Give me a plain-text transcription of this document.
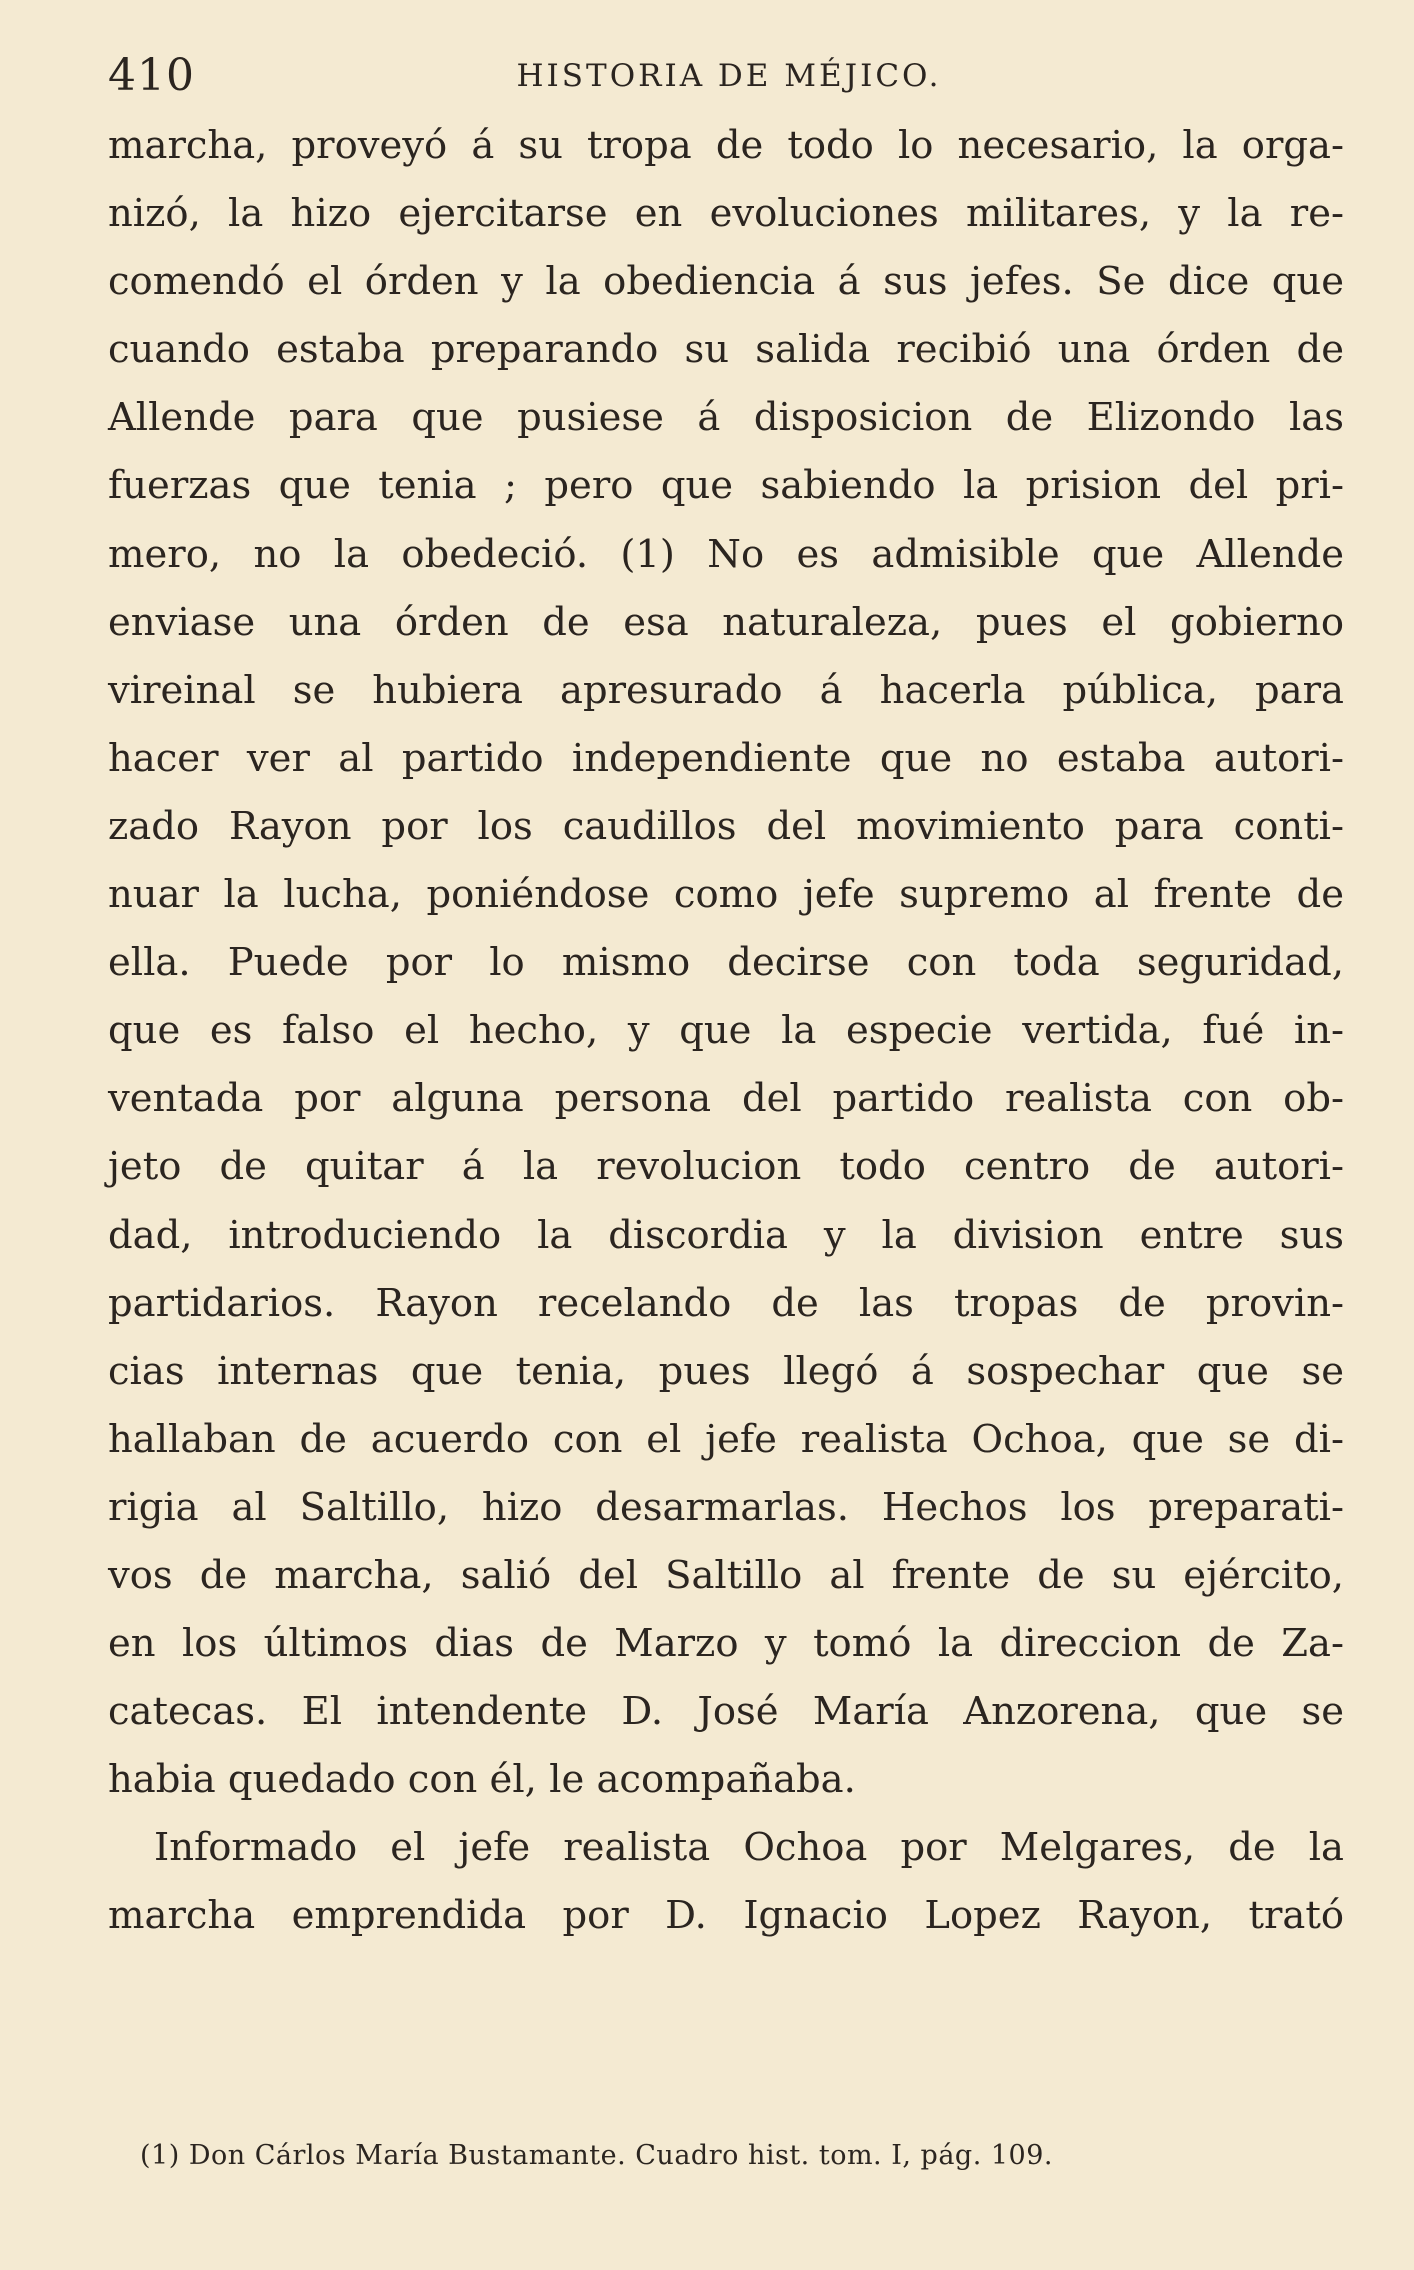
410	HISTORIA DE MÉJICO.
marcha, proveyó á su tropa de todo lo necesario, la orga-
nizó, la hizo ejercitarse en evoluciones militares, y la re-
comendó el órden y la obediencia á sus jefes. Se dice que
cuando estaba preparando su salida recibió una órden de
Allende para que pusiese á disposicion de Elizondo las
fuerzas que tenia ; pero que sabiendo la prision del pri-
mero, no la obedeció. (1) No es admisible que Allende
enviase una órden de esa naturaleza, pues el gobierno
vireinal se hubiera apresurado á hacerla pública, para
hacer ver al partido independiente que no estaba autori-
zado Rayon por los caudillos del movimiento para conti-
nuar la lucha, poniéndose como jefe supremo al frente de
ella. Puede por lo mismo decirse con toda seguridad,
que es falso el hecho, y que la especie vertida, fué in-
ventada por alguna persona del partido realista con ob-
jeto de quitar á la revolucion todo centro de autori-
dad, introduciendo la discordia y la division entre sus
partidarios. Rayon recelando de las tropas de provin-
cias internas que tenia, pues llegó á sospechar que se
hallaban de acuerdo con el jefe realista Ochoa, que se di-
rigia al Saltillo, hizo desarmarlas. Hechos los preparati-
vos de marcha, salió del Saltillo al frente de su ejército,
en los últimos dias de Marzo y tomó la direccion de Za-
catecas. El intendente D. José María Anzorena, que se
habia quedado con él, le acompañaba.
Informado el jefe realista Ochoa por Melgares, de la
marcha emprendida por D. Ignacio Lopez Rayon, trató
(1) Don Cárlos María Bustamante. Cuadro hist. tom. I, pág. 109.
